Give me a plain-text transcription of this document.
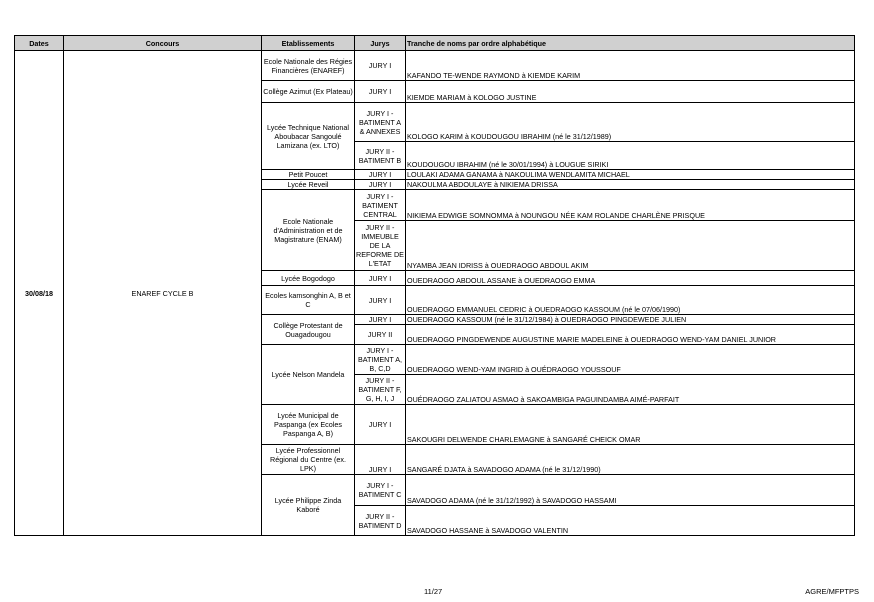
Dates	Concours	Etablissements	Jurys	Tranche de noms par ordre alphabétique
30/08/18	ENAREF CYCLE B	Ecole Nationale des Régies Financières (ENAREF)	JURY I	KAFANDO TE-WENDE RAYMOND à KIEMDE KARIM
		Collège Azimut (Ex Plateau)	JURY I	KIEMDE MARIAM à KOLOGO JUSTINE
		Lycée Technique National Aboubacar Sangoulé Lamizana (ex. LTO)	JURY I - BATIMENT A & ANNEXES	KOLOGO KARIM à KOUDOUGOU IBRAHIM (né le 31/12/1989)
			JURY II - BATIMENT B	KOUDOUGOU IBRAHIM (né le 30/01/1994) à LOUGUE SIRIKI
		Petit Poucet	JURY I	LOULAKI ADAMA GANAMA à NAKOULIMA WENDLAMITA MICHAEL
		Lycée Reveil	JURY I	NAKOULMA ABDOULAYE à NIKIEMA DRISSA
		Ecole Nationale d'Administration et de Magistrature (ENAM)	JURY I - BATIMENT CENTRAL	NIKIEMA EDWIGE SOMNOMMA à NOUNGOU NÉE KAM ROLANDE CHARLÈNE PRISQUE
			JURY II - IMMEUBLE DE LA REFORME DE L'ETAT	NYAMBA JEAN IDRISS à OUEDRAOGO ABDOUL AKIM
		Lycée Bogodogo	JURY I	OUEDRAOGO ABDOUL ASSANE à OUEDRAOGO EMMA
		Ecoles kamsonghin A, B et C	JURY I	OUEDRAOGO EMMANUEL CEDRIC à OUEDRAOGO KASSOUM (né le 07/06/1990)
		Collège Protestant de Ouagadougou	JURY I	OUEDRAOGO KASSOUM (né le 31/12/1984) à OUEDRAOGO PINGDEWEDE JULIEN
			JURY II	OUEDRAOGO PINGDEWENDE AUGUSTINE MARIE MADELEINE à OUEDRAOGO WEND-YAM DANIEL JUNIOR
		Lycée Nelson Mandela	JURY I - BATIMENT A, B, C,D	OUEDRAOGO WEND-YAM INGRID à OUÉDRAOGO YOUSSOUF
			JURY II - BATIMENT F, G, H, I, J	OUÉDRAOGO ZALIATOU ASMAO à SAKOAMBIGA PAGUINDAMBA AIMÉ-PARFAIT
		Lycée Municipal de Paspanga (ex Ecoles Paspanga A, B)	JURY I	SAKOUGRI DELWENDE CHARLEMAGNE à SANGARÉ CHEICK OMAR
		Lycée Professionnel Régional du Centre (ex. LPK)	JURY I	SANGARÉ DJATA à SAVADOGO ADAMA (né le 31/12/1990)
		Lycée Philippe Zinda Kaboré	JURY I - BATIMENT C	SAVADOGO ADAMA (né le 31/12/1992) à SAVADOGO HASSAMI
			JURY II - BATIMENT D	SAVADOGO HASSANE à SAVADOGO VALENTIN
11/27	AGRE/MFPTPS
